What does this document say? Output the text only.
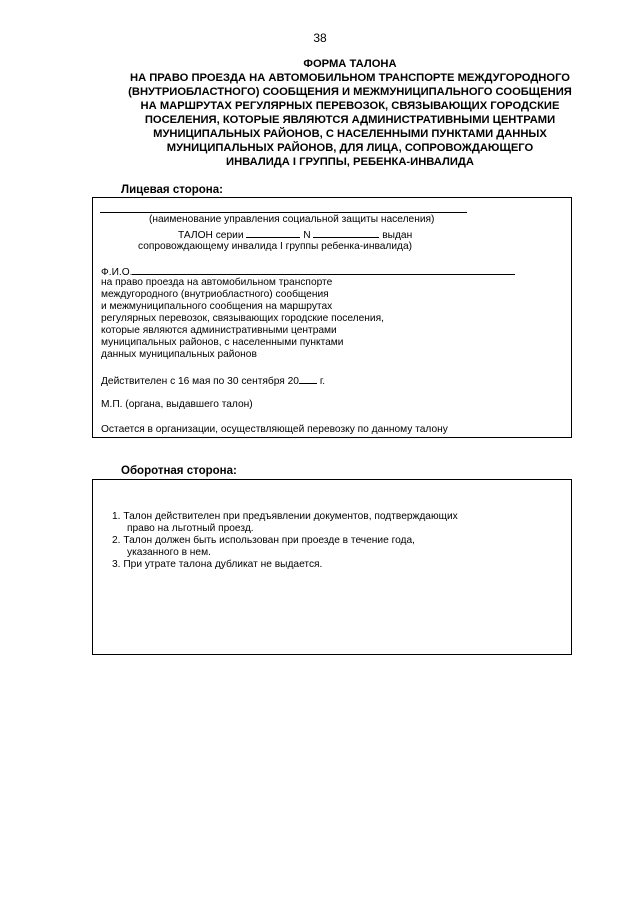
38
ФОРМА ТАЛОНА
НА ПРАВО ПРОЕЗДА НА АВТОМОБИЛЬНОМ ТРАНСПОРТЕ МЕЖДУГОРОДНОГО
(ВНУТРИОБЛАСТНОГО) СООБЩЕНИЯ И МЕЖМУНИЦИПАЛЬНОГО СООБЩЕНИЯ
НА МАРШРУТАХ РЕГУЛЯРНЫХ ПЕРЕВОЗОК, СВЯЗЫВАЮЩИХ ГОРОДСКИЕ
ПОСЕЛЕНИЯ, КОТОРЫЕ ЯВЛЯЮТСЯ АДМИНИСТРАТИВНЫМИ ЦЕНТРАМИ
МУНИЦИПАЛЬНЫХ РАЙОНОВ, С НАСЕЛЕННЫМИ ПУНКТАМИ ДАННЫХ
МУНИЦИПАЛЬНЫХ РАЙОНОВ, ДЛЯ ЛИЦА, СОПРОВОЖДАЮЩЕГО
ИНВАЛИДА I ГРУППЫ, РЕБЕНКА-ИНВАЛИДА
Лицевая сторона:
(наименование управления социальной защиты населения)
ТАЛОН серии	N	выдан
сопровождающему инвалида I группы ребенка-инвалида)
Ф.И.О.
на право проезда на автомобильном транспорте
междугородного (внутриобластного) сообщения
и межмуниципального сообщения на маршрутах
регулярных перевозок, связывающих городские поселения,
которые являются административными центрами
муниципальных районов, с населенными пунктами
данных муниципальных районов
Действителен с 16 мая по 30 сентября 20 г.
М.П. (органа, выдавшего талон)
Остается в организации, осуществляющей перевозку по данному талону
Оборотная сторона:
1. Талон действителен при предъявлении документов, подтверждающих
право на льготный проезд.
2. Талон должен быть использован при проезде в течение года,
указанного в нем.
3. При утрате талона дубликат не выдается.
